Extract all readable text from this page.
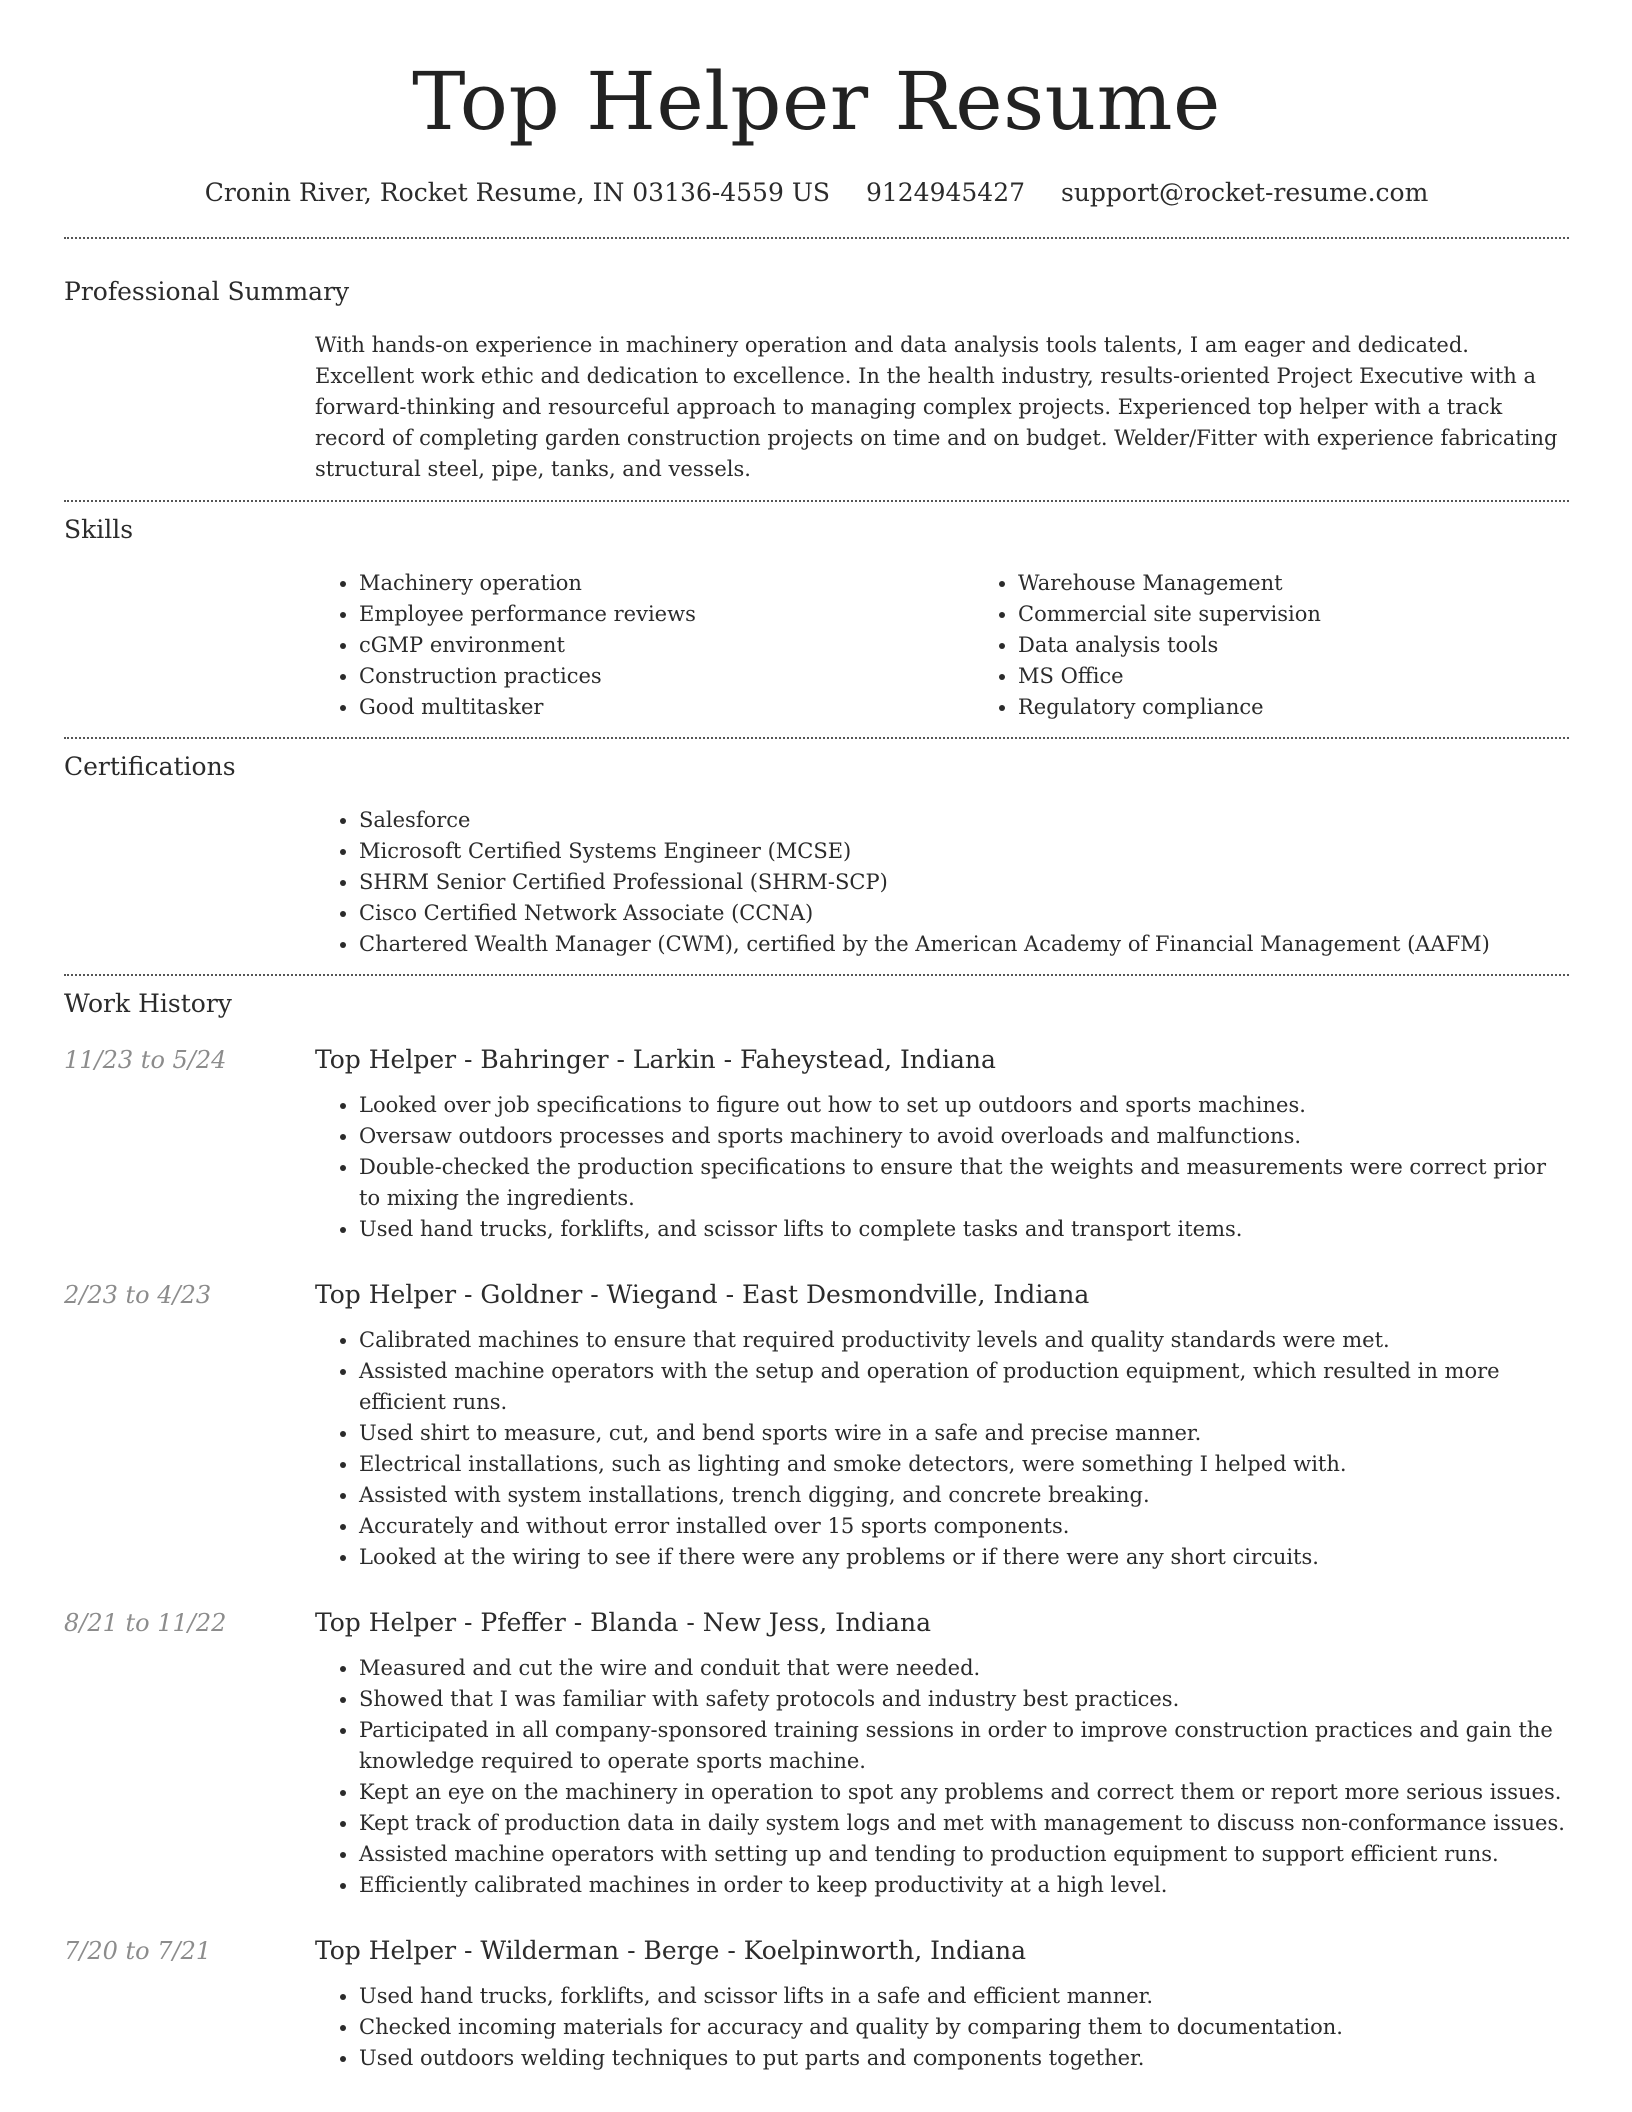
Top Helper Resume
Cronin River, Rocket Resume, IN 03136-4559 US 9124945427 support@rocket-resume.com
Professional Summary

With hands-on experience in machinery operation and data analysis tools talents, I am eager and dedicated. Excellent work ethic and dedication to excellence. In the health industry, results-oriented Project Executive with a forward-thinking and resourceful approach to managing complex projects. Experienced top helper with a track record of completing garden construction projects on time and on budget. Welder/Fitter with experience fabricating structural steel, pipe, tanks, and vessels.

Skills
• Machinery operation
• Employee performance reviews
• cGMP environment
• Construction practices
• Good multitasker
• Warehouse Management
• Commercial site supervision
• Data analysis tools
• MS Office
• Regulatory compliance
Certifications
• Salesforce
• Microsoft Certified Systems Engineer (MCSE)
• SHRM Senior Certified Professional (SHRM-SCP)
• Cisco Certified Network Associate (CCNA)
• Chartered Wealth Manager (CWM), certified by the American Academy of Financial Management (AAFM)
Work History
11/23 to 5/24	Top Helper - Bahringer - Larkin - Faheystead, Indiana
• Looked over job specifications to figure out how to set up outdoors and sports machines.
• Oversaw outdoors processes and sports machinery to avoid overloads and malfunctions.
• Double-checked the production specifications to ensure that the weights and measurements were correct prior to mixing the ingredients.
• Used hand trucks, forklifts, and scissor lifts to complete tasks and transport items.
2/23 to 4/23	Top Helper - Goldner - Wiegand - East Desmondville, Indiana
• Calibrated machines to ensure that required productivity levels and quality standards were met.
• Assisted machine operators with the setup and operation of production equipment, which resulted in more efficient runs.
• Used shirt to measure, cut, and bend sports wire in a safe and precise manner.
• Electrical installations, such as lighting and smoke detectors, were something I helped with.
• Assisted with system installations, trench digging, and concrete breaking.
• Accurately and without error installed over 15 sports components.
• Looked at the wiring to see if there were any problems or if there were any short circuits.
8/21 to 11/22	Top Helper - Pfeffer - Blanda - New Jess, Indiana
• Measured and cut the wire and conduit that were needed.
• Showed that I was familiar with safety protocols and industry best practices.
• Participated in all company-sponsored training sessions in order to improve construction practices and gain the knowledge required to operate sports machine.
• Kept an eye on the machinery in operation to spot any problems and correct them or report more serious issues.
• Kept track of production data in daily system logs and met with management to discuss non-conformance issues.
• Assisted machine operators with setting up and tending to production equipment to support efficient runs.
• Efficiently calibrated machines in order to keep productivity at a high level.
7/20 to 7/21	Top Helper - Wilderman - Berge - Koelpinworth, Indiana
• Used hand trucks, forklifts, and scissor lifts in a safe and efficient manner.
• Checked incoming materials for accuracy and quality by comparing them to documentation.
• Used outdoors welding techniques to put parts and components together.
